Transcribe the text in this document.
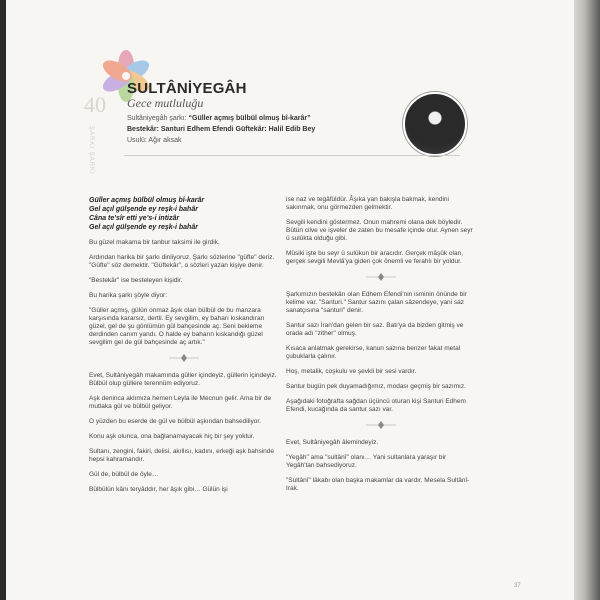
40
ŞARKI ŞARKI
SULTÂNİYEGÂH
Gece mutluluğu
Sultâniyegâh şarkı: “Güller açmış bülbül olmuş bî-karâr”
Bestekâr: Santuri Edhem Efendi Güftekâr: Halil Edib Bey
Usulü: Ağır aksak
Güller açmış bülbül olmuş bî-karâr
Gel açıl gülşende ey reşk-i bahâr
Câna te'sîr etti ye's-i intizâr
Gel açıl gülşende ey reşk-i bahâr

Bu güzel makama bir tanbur taksimi ile girdik.

Ardından harika bir şarkı dinliyoruz. Şarkı sözlerine "güfte" deriz. "Güfte" söz demektir. "Güftekâr", o sözleri yazan kişiye denir.

"Bestekâr" ise besteleyen kişidir.

Bu harika şarkı şöyle diyor:

"Güller açmış, gülün onmaz âşık olan bülbül de bu manzara karşısında kararsız, dertli. Ey sevgilim, ey baharı kıskandıran güzel, gel de şu gönlümün gül bahçesinde aç. Seni bekleme derdinden canım yandı. O halde ey baharın kıskandığı güzel sevgilim gel de gül bahçesinde aç artık."

Evet, Sultâniyegâh makamında güller içindeyiz, güllerin içindeyiz. Bülbül olup güllere terennüm ediyoruz.

Aşk deninca aklımıza hemen Leyla ile Mecnun gelir. Ama bir de mutlaka gül ve bülbül geliyor.

O yüzden bu eserde de gül ve bülbül aşkından bahsediliyor.

Konu aşk olunca, ona bağlanamayacak hiç bir şey yoktur.

Sultanı, zengini, fakiri, delisi, akıllısı, kadını, erkeği aşk bahsinde hepsi kahramandır.

Gül de, bülbül de öyle…

Bülbülün kânı teryâddır, her âşık gibi… Gülün işi

ise naz ve tegâfüldür. Âşıka yan bakışla bakmak, kendini sakınmak, onu görmezden gelmektir.

Sevgili kendini göstermez. Onun mahremi olana dek böyledir. Bütün cilve ve işveler de zaten bu mesafe içinde olur. Aynen seyr ü sulûkta olduğu gibi.

Müsiki işte bu seyr ü sulûkun bir aracıdır. Gerçek mâşûk olan, gerçek sevgili Mevlâ'ya giden çok önemli ve ferahlı bir yoldur.

Şarkımızın bestekârı olan Edhem Efendi'nin isminin önünde bir kelime var. "Santuri." Santur sazını çalan sâzendeye, yani saz sanatçısına "santuri" denir.

Santur sazı İran'dan gelen bir saz. Batı'ya da bizden gitmiş ve orada adı "zither" olmuş.

Kısaca anlatmak gerekirse, kanun sazına benzer fakat metal çubuklarla çalınır.

Hoş, metalik, coşkulu ve şevkli bir sesi vardır.

Santur bugün pek duyamadığımız, modası geçmiş bir sazımız.

Aşağıdaki fotoğrafta sağdan üçüncü oturan kişi Santuri Edhem Efendi, kucağında da santur sazı var.

Evet, Sultâniyegâh âlemindeyiz.

"Yegâh" ama "sultânî" olanı… Yani sultanlara yaraşır bir Yegâh'tan bahsediyoruz.

"Sultânî" lâkabı olan başka makamlar da vardır. Mesela Sultânî-Irak.

37
